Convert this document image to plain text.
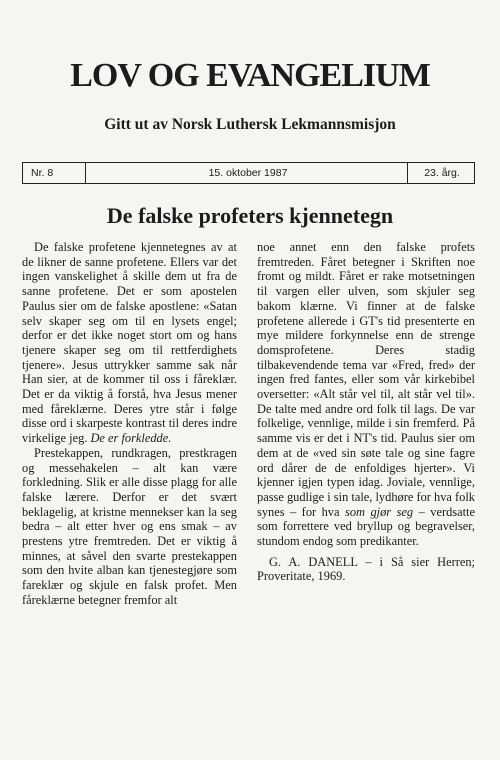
LOV OG EVANGELIUM
Gitt ut av Norsk Luthersk Lekmannsmisjon
Nr. 8	15. oktober 1987	23. årg.
De falske profeters kjennetegn

De falske profetene kjennetegnes av at de likner de sanne profetene. Ellers var det ingen vanskelighet å skille dem ut fra de sanne profetene. Det er som apostelen Paulus sier om de falske apostlene: «Satan selv skaper seg om til en lysets engel; derfor er det ikke noget stort om og hans tjenere skaper seg om til rettferdighets tjenere». Jesus uttrykker samme sak når Han sier, at de kommer til oss i fåreklær. Det er da viktig å forstå, hva Jesus mener med fåreklærne. Deres ytre står i følge disse ord i skarpeste kontrast til deres indre virkelige jeg. De er forkledde.

Prestekappen, rundkragen, prestkragen og messehakelen – alt kan være forkledning. Slik er alle disse plagg for alle falske lærere. Derfor er det svært beklagelig, at kristne mennekser kan la seg bedra – alt etter hver og ens smak – av prestens ytre fremtreden. Det er viktig å minnes, at såvel den svarte prestekappen som den hvite alban kan tjenestegjøre som fareklær og skjule en falsk profet. Men fåreklærne betegner fremfor alt

noe annet enn den falske profets fremtreden. Fåret betegner i Skriften noe fromt og mildt. Fåret er rake motsetningen til vargen eller ulven, som skjuler seg bakom klærne. Vi finner at de falske profetene allerede i GT's tid presenterte en mye mildere forkynnelse enn de strenge domsprofetene. Deres stadig tilbakevendende tema var «Fred, fred» der ingen fred fantes, eller som vår kirkebibel oversetter: «Alt står vel til, alt står vel til». De talte med andre ord folk til lags. De var folkelige, vennlige, milde i sin fremferd. På samme vis er det i NT's tid. Paulus sier om dem at de «ved sin søte tale og sine fagre ord dårer de de enfoldiges hjerter». Vi kjenner igjen typen idag. Joviale, vennlige, passe gudlige i sin tale, lydhøre for hva folk synes – for hva som gjør seg – verdsatte som forrettere ved bryllup og begravelser, stundom endog som predikanter.

G. A. DANELL – i Så sier Herren; Proveritate, 1969.
